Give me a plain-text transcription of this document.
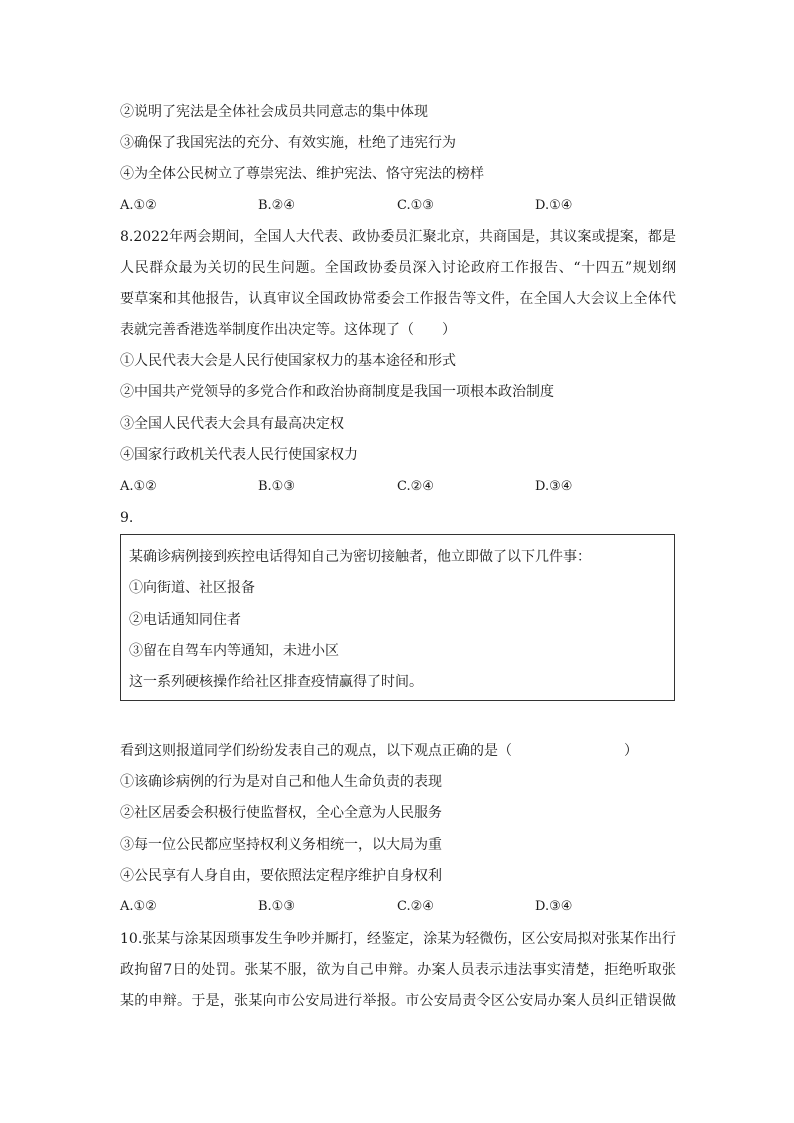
②说明了宪法是全体社会成员共同意志的集中体现
③确保了我国宪法的充分、有效实施，杜绝了违宪行为
④为全体公民树立了尊崇宪法、维护宪法、恪守宪法的榜样
A.①②	B.②④	C.①③	D.①④
8.2022年两会期间，全国人大代表、政协委员汇聚北京，共商国是，其议案或提案，都是
人民群众最为关切的民生问题。全国政协委员深入讨论政府工作报告、“十四五”规划纲
要草案和其他报告，认真审议全国政协常委会工作报告等文件，在全国人大会议上全体代
表就完善香港选举制度作出决定等。这体现了（　　）
①人民代表大会是人民行使国家权力的基本途径和形式
②中国共产党领导的多党合作和政治协商制度是我国一项根本政治制度
③全国人民代表大会具有最高决定权
④国家行政机关代表人民行使国家权力
A.①②	B.①③	C.②④	D.③④
9.
某确诊病例接到疾控电话得知自己为密切接触者，他立即做了以下几件事：
①向街道、社区报备
②电话通知同住者
③留在自驾车内等通知，未进小区
这一系列硬核操作给社区排查疫情赢得了时间。
看到这则报道同学们纷纷发表自己的观点，以下观点正确的是（　　　　　　　　）
①该确诊病例的行为是对自己和他人生命负责的表现
②社区居委会积极行使监督权，全心全意为人民服务
③每一位公民都应坚持权利义务相统一，以大局为重
④公民享有人身自由，要依照法定程序维护自身权利
A.①②	B.①③	C.②④	D.③④
10.张某与涂某因琐事发生争吵并厮打，经鉴定，涂某为轻微伤，区公安局拟对张某作出行
政拘留7日的处罚。张某不服，欲为自己申辩。办案人员表示违法事实清楚，拒绝听取张
某的申辩。于是，张某向市公安局进行举报。市公安局责令区公安局办案人员纠正错误做
